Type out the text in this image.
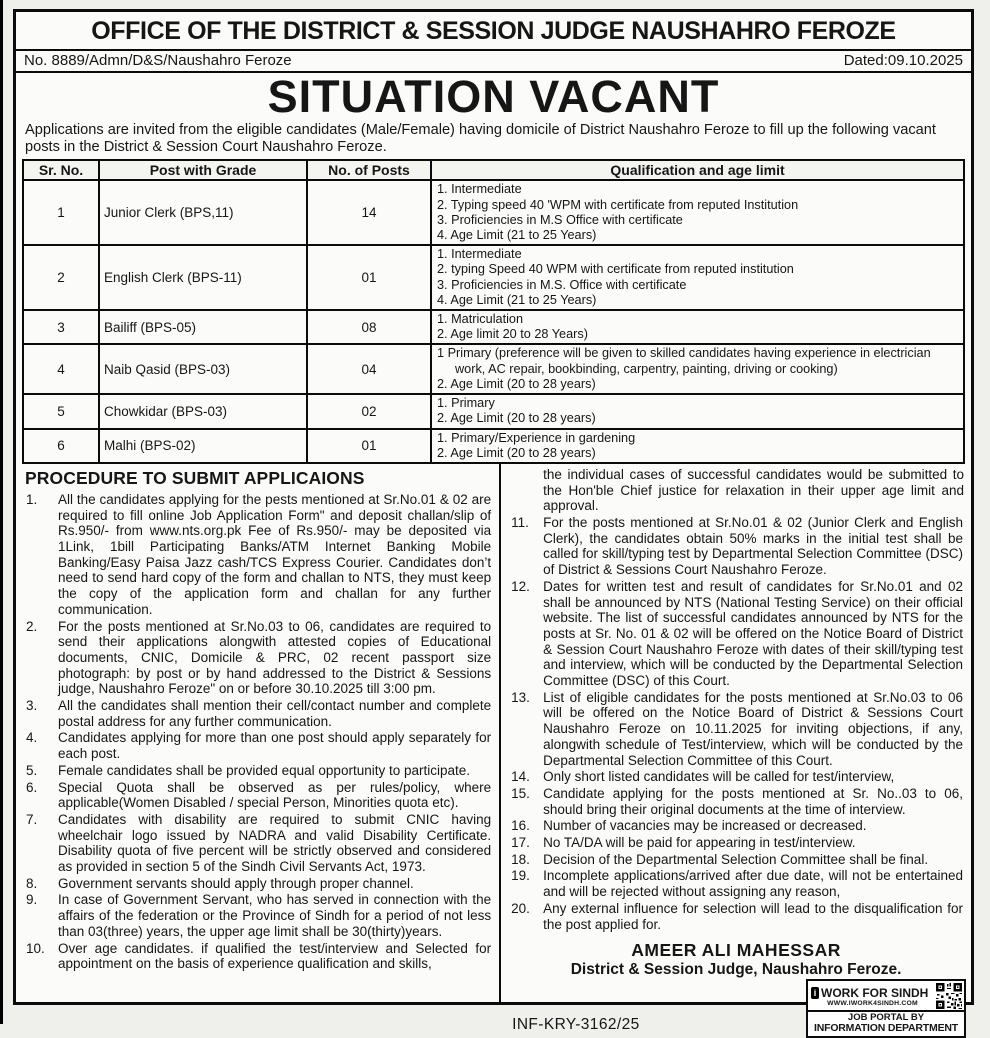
OFFICE OF THE DISTRICT & SESSION JUDGE NAUSHAHRO FEROZE
No. 8889/Admn/D&S/Naushahro Feroze	Dated:09.10.2025
SITUATION VACANT
Applications are invited from the eligible candidates (Male/Female) having domicile of District Naushahro Feroze to fill up the following vacant posts in the District & Session Court Naushahro Feroze.
Sr. No.	Post with Grade	No. of Posts	Qualification and age limit
1	Junior Clerk (BPS,11)	14	1. Intermediate
2. Typing speed 40 'WPM with certificate from reputed Institution
3. Proficiencies in M.S Office with certificate
4. Age Limit (21 to 25 Years)

2	English Clerk (BPS-11)	01	1. Intermediate
2. typing Speed 40 WPM with certificate from reputed institution
3. Proficiencies in M.S. Office with certificate
4. Age Limit (21 to 25 Years)

3	Bailiff (BPS-05)	08	1. Matriculation
2. Age limit 20 to 28 Years)

4	Naib Qasid (BPS-03)	04	1 Primary (preference will be given to skilled candidates having experience in electrician work, AC repair, bookbinding, carpentry, painting, driving or cooking)
2. Age Limit (20 to 28 years)

5	Chowkidar (BPS-03)	02	1. Primary
2. Age Limit (20 to 28 years)

6	Malhi (BPS-02)	01	1. Primary/Experience in gardening
2. Age Limit (20 to 28 years)
PROCEDURE TO SUBMIT APPLICAIONS
1.	All the candidates applying for the pests mentioned at Sr.No.01 & 02 are required to fill online Job Application Form" and deposit challan/slip of Rs.950/- from www.nts.org.pk Fee of Rs.950/- may be deposited via 1Link, 1bill Participating Banks/ATM Internet Banking Mobile Banking/Easy Paisa Jazz cash/TCS Express Courier. Candidates don’t need to send hard copy of the form and challan to NTS, they must keep the copy of the application form and challan for any further communication.
2.	For the posts mentioned at Sr.No.03 to 06, candidates are required to send their applications alongwith attested copies of Educational documents, CNIC, Domicile & PRC, 02 recent passport size photograph: by post or by hand addressed to the District & Sessions judge, Naushahro Feroze" on or before 30.10.2025 till 3:00 pm.
3.	All the candidates shall mention their cell/contact number and complete postal address for any further communication.
4.	Candidates applying for more than one post should apply separately for each post.
5.	Female candidates shall be provided equal opportunity to participate.
6.	Special Quota shall be observed as per rules/policy, where applicable(Women Disabled / special Person, Minorities quota etc).
7.	Candidates with disability are required to submit CNIC having wheelchair logo issued by NADRA and valid Disability Certificate. Disability quota of five percent will be strictly observed and considered as provided in section 5 of the Sindh Civil Servants Act, 1973.
8.	Government servants should apply through proper channel.
9.	In case of Government Servant, who has served in connection with the affairs of the federation or the Province of Sindh for a period of not less than 03(three) years, the upper age limit shall be 30(thirty)years.
10. Over age candidates. if qualified the test/interview and Selected for appointment on the basis of experience qualification and skills,
the individual cases of successful candidates would be submitted to the Hon'ble Chief justice for relaxation in their upper age limit and approval.
11.	For the posts mentioned at Sr.No.01 & 02 (Junior Clerk and English Clerk), the candidates obtain 50% marks in the initial test shall be called for skill/typing test by Departmental Selection Committee (DSC) of District & Sessions Court Naushahro Feroze.
12. Dates for written test and result of candidates for Sr.No.01 and 02 shall be announced by NTS (National Testing Service) on their official website. The list of successful candidates announced by NTS for the posts at Sr. No. 01 & 02 will be offered on the Notice Board of District & Session Court Naushahro Feroze with dates of their skill/typing test and interview, which will be conducted by the Departmental Selection Committee (DSC) of this Court.
13. List of eligible candidates for the posts mentioned at Sr.No.03 to 06 will be offered on the Notice Board of District & Sessions Court Naushahro Feroze on 10.11.2025 for inviting objections, if any, alongwith schedule of Test/interview, which will be conducted by the Departmental Selection Committee of this Court.
14. Only short listed candidates will be called for test/interview,
15. Candidate applying for the posts mentioned at Sr. No..03 to 06, should bring their original documents at the time of interview.
16. Number of vacancies may be increased or decreased.
17. No TA/DA will be paid for appearing in test/interview.
18. Decision of the Departmental Selection Committee shall be final.
19. Incomplete applications/arrived after due date, will not be entertained and will be rejected without assigning any reason,
20. Any external influence for selection will lead to the disqualification for the post applied for.
AMEER ALI MAHESSAR
District & Session Judge, Naushahro Feroze.
INF-KRY-3162/25
i WORK FOR SINDH
WWW.IWORK4SINDH.COM
JOB PORTAL BY
INFORMATION DEPARTMENT
